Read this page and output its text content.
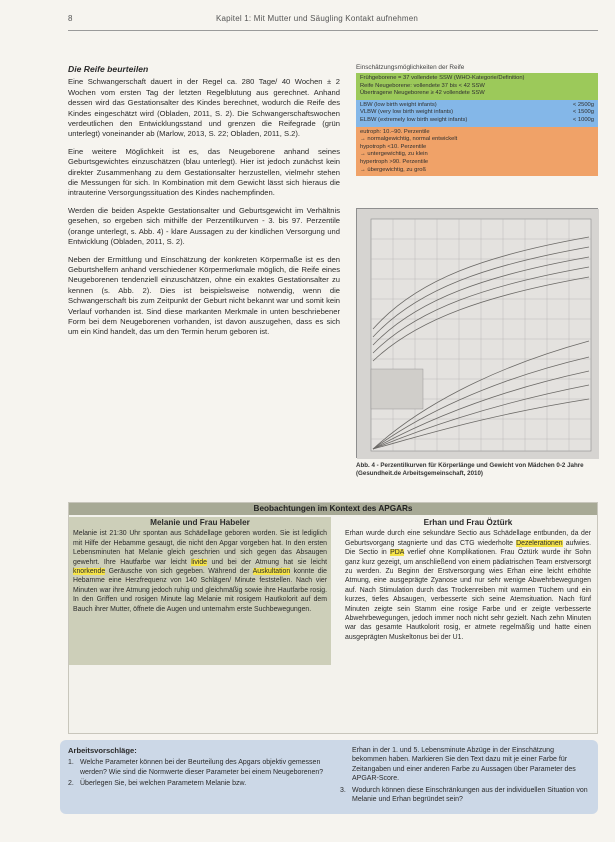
8	Kapitel 1: Mit Mutter und Säugling Kontakt aufnehmen
Die Reife beurteilen

Eine Schwangerschaft dauert in der Regel ca. 280 Tage/ 40 Wochen ± 2 Wochen vom ersten Tag der letzten Regelblutung aus gerechnet. Anhand dessen wird das Gestationsalter des Kindes berechnet, wodurch die Reife des Kindes eingeschätzt wird (Obladen, 2011, S. 2). Die Schwangerschaftswochen verdeutlichen den Entwicklungsstand und grenzen die Reifegrade (grün unterlegt) voneinander ab (Marlow, 2013, S. 22; Obladen, 2011, S.2).

Eine weitere Möglichkeit ist es, das Neugeborene anhand seines Geburtsgewichtes einzuschätzen (blau unterlegt). Hier ist jedoch zunächst kein direkter Zusammenhang zu dem Gestationsalter herzustellen, vielmehr stehen die Messungen für sich. In Kombination mit dem Gewicht lässt sich hieraus die intrauterine Versorgungssituation des Kindes nachempfinden.

Werden die beiden Aspekte Gestationsalter und Geburtsgewicht im Verhältnis gesehen, so ergeben sich mithilfe der Perzentilkurven - 3. bis 97. Perzentile (orange unterlegt, s. Abb. 4) - klare Aussagen zu der kindlichen Versorgung und Entwicklung (Obladen, 2011, S. 2).

Neben der Ermittlung und Einschätzung der konkreten Körpermaße ist es den Geburtshelfern anhand verschiedener Körpermerkmale möglich, die Reife eines Neugeborenen tendenziell einzuschätzen, ohne ein exaktes Gestationsalter zu kennen (s. Abb. 2). Dies ist beispielsweise notwendig, wenn die Schwangerschaft bis zum Zeitpunkt der Geburt nicht bekannt war und somit kein Verlauf vorhanden ist. Sind diese markanten Merkmale in unten beschriebener Form bei dem Neugeborenen vorhanden, ist davon auszugehen, dass es sich um ein Kind handelt, das um den Termin herum geboren ist.

Einschätzungsmöglichkeiten der Reife
Frühgeborene = 37 vollendete SSW (WHO-Kategorie/Definition)
Reife Neugeborene: vollendete 37 bis < 42 SSW
Übertragene Neugeborene ≥ 42 vollendete SSW
LBW (low birth weight infants)	< 2500g
VLBW (very low birth weight infants)	< 1500g
ELBW (extremely low birth weight infants)	< 1000g
eutroph: 10.–90. Perzentile
→ normalgewichtig, normal entwickelt
hypotroph <10. Perzentile
→ untergewichtig, zu klein
hypertroph >90. Perzentile
→ übergewichtig, zu groß
Abb. 4 - Perzentilkurven für Körperlänge und Gewicht von Mädchen 0-2 Jahre (Gesundheit.de Arbeitsgemeinschaft, 2010)
Beobachtungen im Kontext des APGARs
Melanie und Frau Habeler
Melanie ist 21:30 Uhr spontan aus Schädellage geboren worden. Sie ist lediglich mit Hilfe der Hebamme gesaugt, die nicht den Apgar vorgeben hat. In den ersten Lebensminuten hat Melanie gleich geschrien und sich gegen das Absaugen gewehrt. Ihre Hautfarbe war leicht livide und bei der Atmung hat sie leicht knorkende Geräusche von sich gegeben. Während der Auskultation konnte die Hebamme eine Herzfrequenz von 140 Schlägen/ Minute feststellen. Nach vier Minuten war ihre Atmung jedoch ruhig und gleichmäßig sowie ihre Hautfarbe rosig. In den Griffen und rosigen Minute lag Melanie mit rosigem Hautkolorit auf dem Bauch ihrer Mutter, öffnete die Augen und unternahm erste Suchbewegungen.
Erhan und Frau Öztürk
Erhan wurde durch eine sekundäre Sectio aus Schädellage entbunden, da der Geburtsvorgang stagnierte und das CTG wiederholte Dezelerationen aufwies. Die Sectio in PDA verlief ohne Komplikationen. Frau Öztürk wurde ihr Sohn ganz kurz gezeigt, um anschließend von einem pädiatrischen Team erstversorgt zu werden. Zu Beginn der Erstversorgung wies Erhan eine leicht erhöhte Atmung, eine ausgeprägte Zyanose und nur sehr wenige Abwehrbewegungen auf. Nach Stimulation durch das Trockenreiben mit warmen Tüchern und ein kurzes, tiefes Absaugen, verbesserte sich seine Atemsituation. Nach fünf Minuten zeigte sein Stamm eine rosige Farbe und er zeigte verbesserte Abwehrbewegungen, jedoch immer noch nicht sehr gezielt. Nach zehn Minuten war das gesamte Hautkolorit rosig, er atmete regelmäßig und hatte einen ausgeprägten Muskeltonus bei der U1.
Arbeitsvorschläge:
1. Welche Parameter können bei der Beurteilung des Apgars objektiv gemessen werden? Wie sind die Normwerte dieser Parameter bei einem Neugeborenen?
2. Überlegen Sie, bei welchen Parametern Melanie bzw.
Erhan in der 1. und 5. Lebensminute Abzüge in der Einschätzung bekommen haben. Markieren Sie den Text dazu mit je einer Farbe für Zeitangaben und einer anderen Farbe zu Aussagen über Parameter des APGAR-Score.
3. Wodurch können diese Einschränkungen aus der individuellen Situation von Melanie und Erhan begründet sein?
